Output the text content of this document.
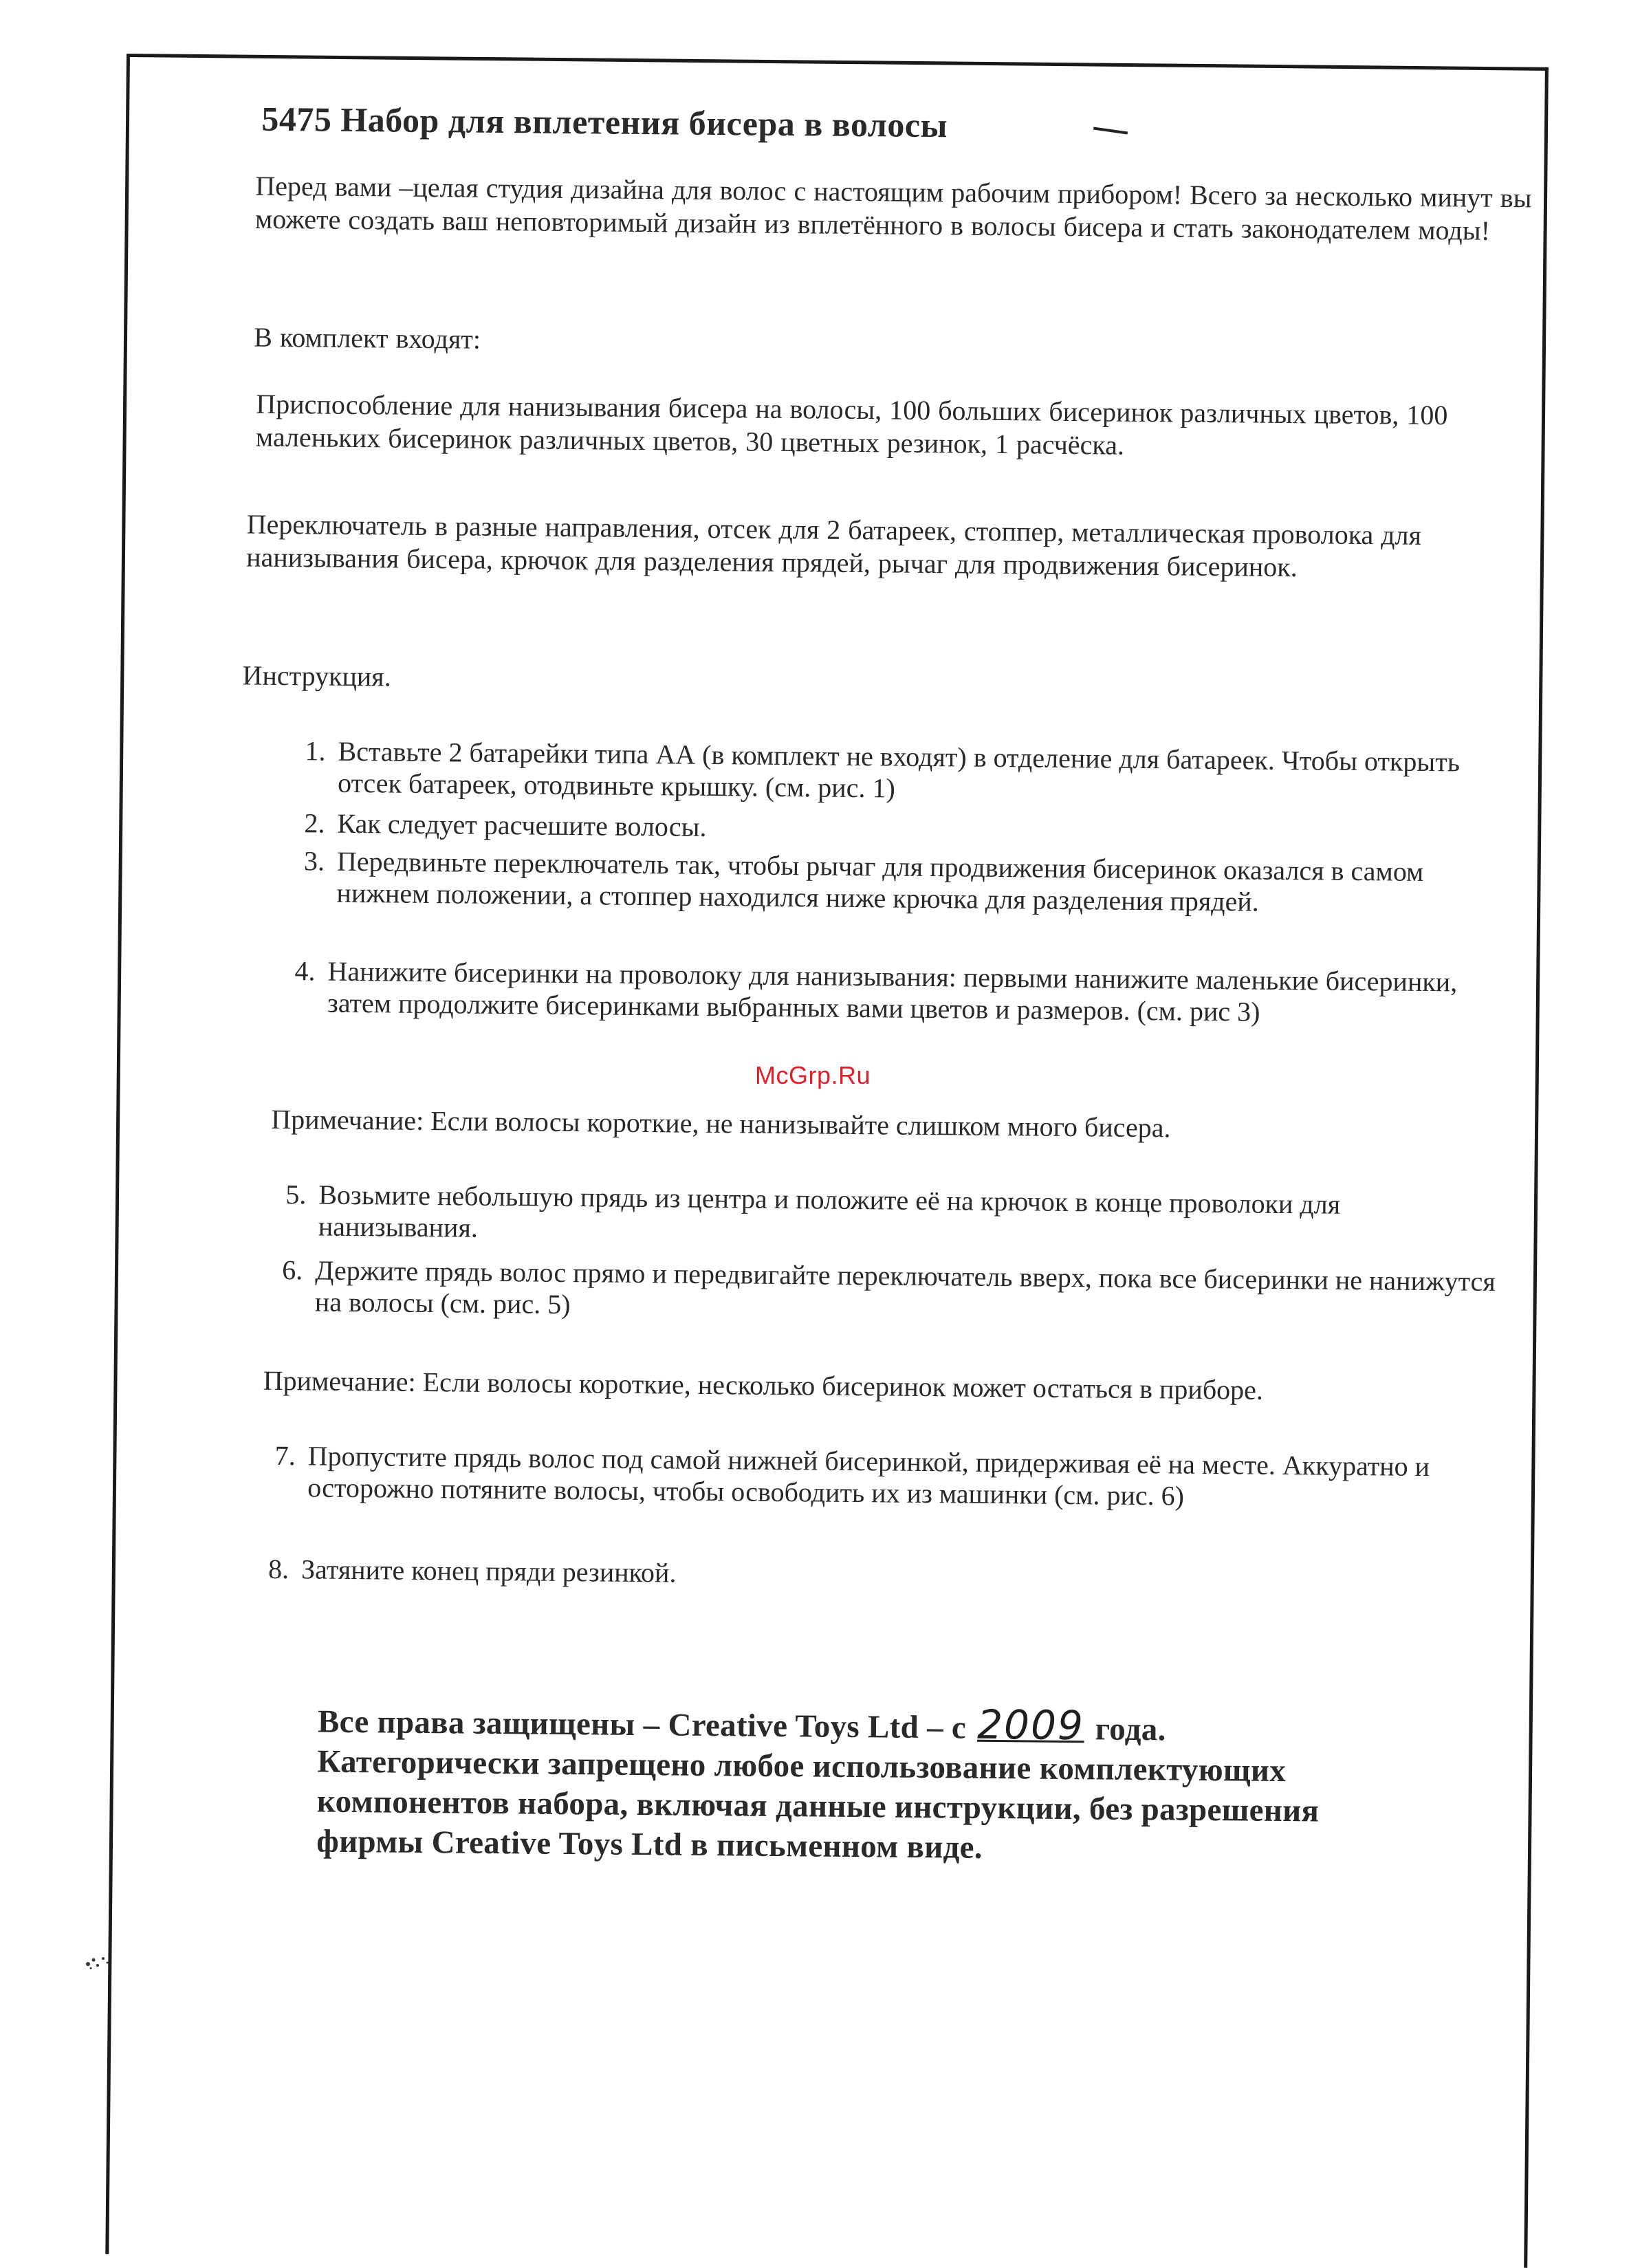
5475 Набор для вплетения бисера в волосы
Перед вами –целая студия дизайна для волос с настоящим рабочим прибором! Всего за несколько минут вы можете создать ваш неповторимый дизайн из вплетённого в волосы бисера и стать законодателем моды!
В комплект входят:
Приспособление для нанизывания бисера на волосы, 100 больших бисеринок различных цветов, 100 маленьких бисеринок различных цветов, 30 цветных резинок, 1 расчёска.
Переключатель в разные направления, отсек для 2 батареек, стоппер, металлическая проволока для нанизывания бисера, крючок для разделения прядей, рычаг для продвижения бисеринок.
Инструкция.
1. Вставьте 2 батарейки типа АА (в комплект не входят) в отделение для батареек. Чтобы открыть отсек батареек, отодвиньте крышку. (см. рис. 1)
2. Как следует расчешите волосы.
3. Передвиньте переключатель так, чтобы рычаг для продвижения бисеринок оказался в самом нижнем положении, а стоппер находился ниже крючка для разделения прядей.
4. Нанижите бисеринки на проволоку для нанизывания: первыми нанижите маленькие бисеринки, затем продолжите бисеринками выбранных вами цветов и размеров. (см. рис 3)
Примечание: Если волосы короткие, не нанизывайте слишком много бисера.
5. Возьмите небольшую прядь из центра и положите её на крючок в конце проволоки для нанизывания.
6. Держите прядь волос прямо и передвигайте переключатель вверх, пока все бисеринки не нанижутся на волосы (см. рис. 5)
Примечание: Если волосы короткие, несколько бисеринок может остаться в приборе.
7. Пропустите прядь волос под самой нижней бисеринкой, придерживая её на месте. Аккуратно и осторожно потяните волосы, чтобы освободить их из машинки (см. рис. 6)
8. Затяните конец пряди резинкой.
Все права защищены – Creative Toys Ltd – с 2009 года. Категорически запрещено любое использование комплектующих компонентов набора, включая данные инструкции, без разрешения фирмы Creative Toys Ltd в письменном виде.
McGrp.Ru
